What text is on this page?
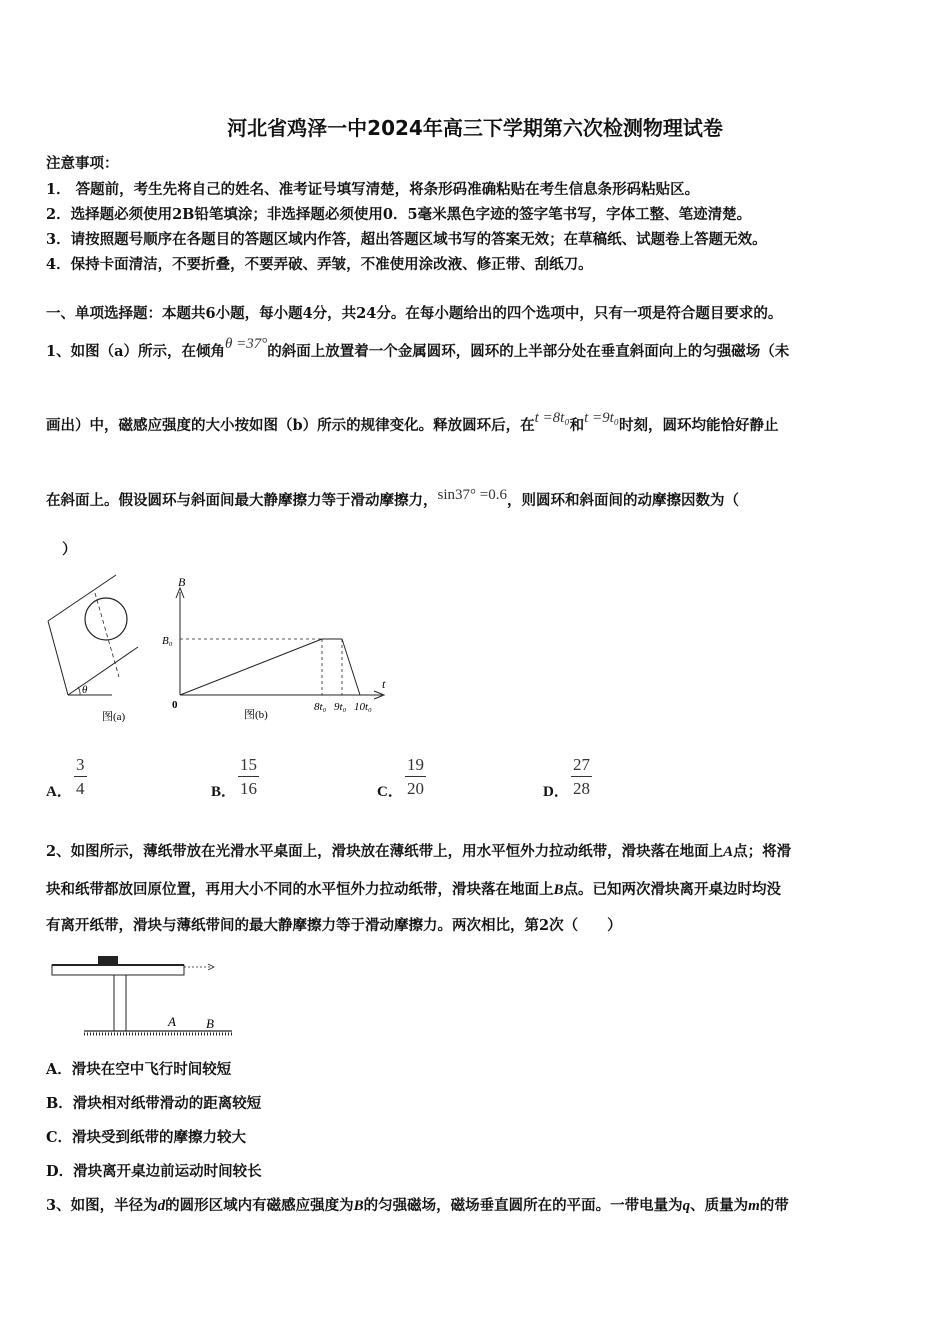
河北省鸡泽一中2024年高三下学期第六次检测物理试卷
注意事项：
1． 答题前，考生先将自己的姓名、准考证号填写清楚，将条形码准确粘贴在考生信息条形码粘贴区。
2．选择题必须使用2B铅笔填涂；非选择题必须使用0．5毫米黑色字迹的签字笔书写，字体工整、笔迹清楚。
3．请按照题号顺序在各题目的答题区域内作答，超出答题区域书写的答案无效；在草稿纸、试题卷上答题无效。
4．保持卡面清洁，不要折叠，不要弄破、弄皱，不准使用涂改液、修正带、刮纸刀。
一、单项选择题：本题共6小题，每小题4分，共24分。在每小题给出的四个选项中，只有一项是符合题目要求的。
1、如图（a）所示，在倾角θ =37°的斜面上放置着一个金属圆环，圆环的上半部分处在垂直斜面向上的匀强磁场（未
画出）中，磁感应强度的大小按如图（b）所示的规律变化。释放圆环后，在t =8t₀和t =9t₀时刻，圆环均能恰好静止
在斜面上。假设圆环与斜面间最大静摩擦力等于滑动摩擦力，sin37° =0.6，则圆环和斜面间的动摩擦因数为（
）
θ
图(a)
B
t
0
B₀
8t₀ 9t₀ 10t₀
图(b)
A． $\frac{3}{4}$	B． $\frac{15}{16}$	C． $\frac{19}{20}$	D． $\frac{27}{28}$
2、如图所示，薄纸带放在光滑水平桌面上，滑块放在薄纸带上，用水平恒外力拉动纸带，滑块落在地面上A点；将滑
块和纸带都放回原位置，再用大小不同的水平恒外力拉动纸带，滑块落在地面上B点。已知两次滑块离开桌边时均没
有离开纸带，滑块与薄纸带间的最大静摩擦力等于滑动摩擦力。两次相比，第2次（　　）
A B
A．滑块在空中飞行时间较短
B．滑块相对纸带滑动的距离较短
C．滑块受到纸带的摩擦力较大
D．滑块离开桌边前运动时间较长
3、如图，半径为d的圆形区域内有磁感应强度为B的匀强磁场，磁场垂直圆所在的平面。一带电量为q、质量为m的带
